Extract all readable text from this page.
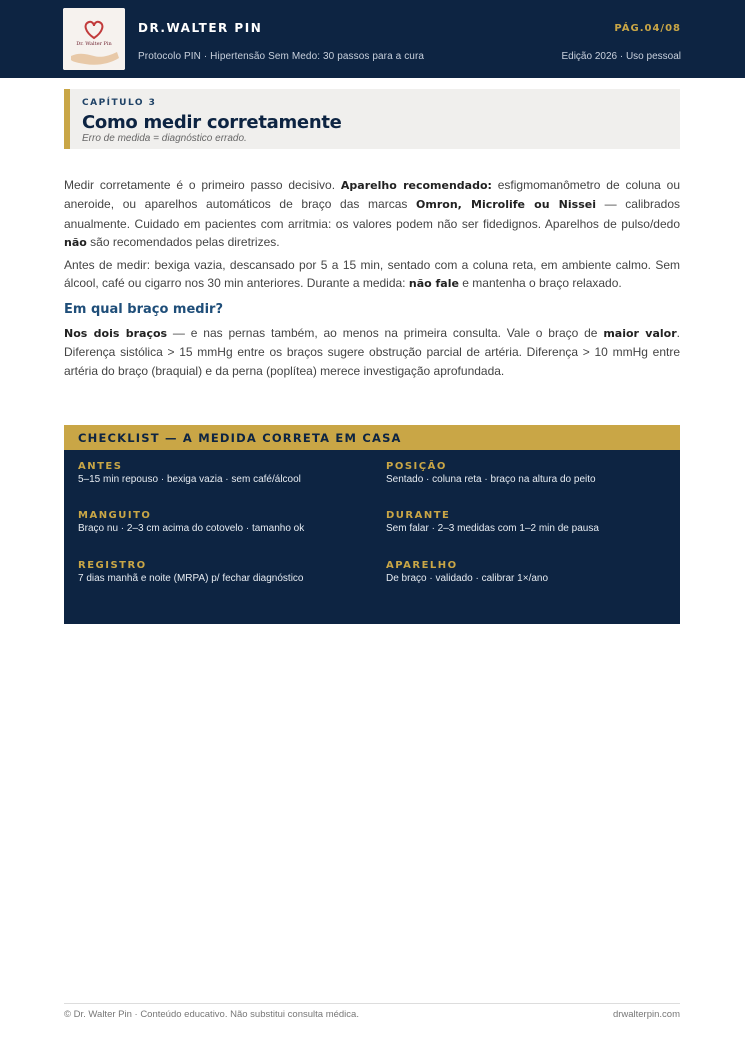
Dr. Walter Pin
DR.WALTER PIN
Protocolo PIN · Hipertensão Sem Medo: 30 passos para a cura
PÁG.04/08
Edição 2026 · Uso pessoal
CAPÍTULO 3
Como medir corretamente
Erro de medida = diagnóstico errado.

Medir corretamente é o primeiro passo decisivo. Aparelho recomendado: esfigmomanômetro de coluna ou aneroide, ou aparelhos automáticos de braço das marcas Omron, Microlife ou Nissei — calibrados anualmente. Cuidado em pacientes com arritmia: os valores podem não ser fidedignos. Aparelhos de pulso/dedo não são recomendados pelas diretrizes.

Antes de medir: bexiga vazia, descansado por 5 a 15 min, sentado com a coluna reta, em ambiente calmo. Sem álcool, café ou cigarro nos 30 min anteriores. Durante a medida: não fale e mantenha o braço relaxado.

Em qual braço medir?

Nos dois braços — e nas pernas também, ao menos na primeira consulta. Vale o braço de maior valor. Diferença sistólica > 15 mmHg entre os braços sugere obstrução parcial de artéria. Diferença > 10 mmHg entre artéria do braço (braquial) e da perna (poplítea) merece investigação aprofundada.

CHECKLIST — A MEDIDA CORRETA EM CASA
ANTES
5–15 min repouso · bexiga vazia · sem café/álcool
POSIÇÃO
Sentado · coluna reta · braço na altura do peito
MANGUITO
Braço nu · 2–3 cm acima do cotovelo · tamanho ok
DURANTE
Sem falar · 2–3 medidas com 1–2 min de pausa
REGISTRO
7 dias manhã e noite (MRPA) p/ fechar diagnóstico
APARELHO
De braço · validado · calibrar 1×/ano
© Dr. Walter Pin · Conteúdo educativo. Não substitui consulta médica.	drwalterpin.com
